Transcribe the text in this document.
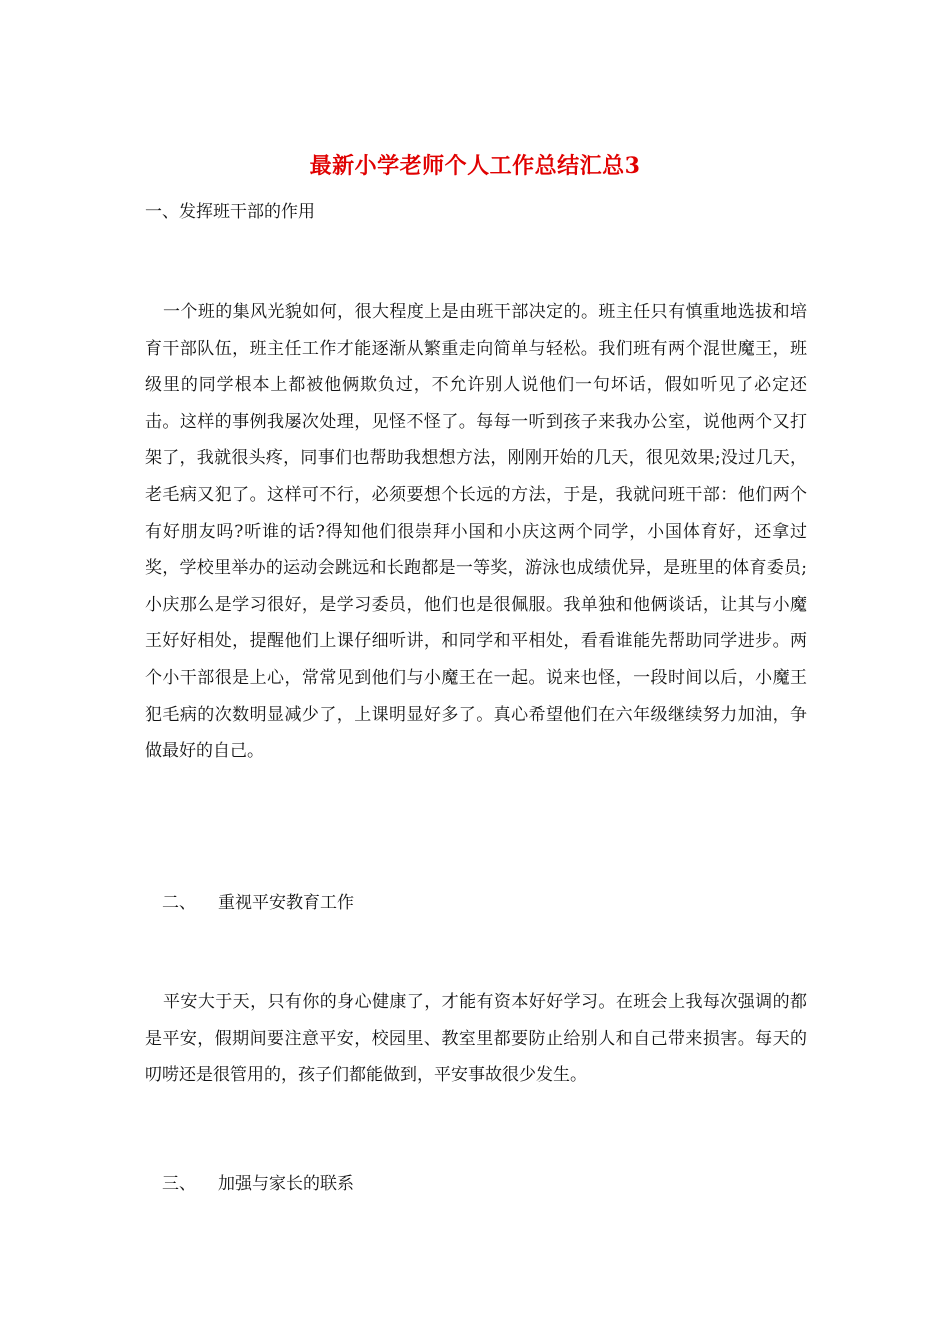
最新小学老师个人工作总结汇总3
一、发挥班干部的作用

一个班的集风光貌如何，很大程度上是由班干部决定的。班主任只有慎重地选拔和培育干部队伍，班主任工作才能逐渐从繁重走向简单与轻松。我们班有两个混世魔王，班级里的同学根本上都被他俩欺负过，不允许别人说他们一句坏话，假如听见了必定还击。这样的事例我屡次处理，见怪不怪了。每每一听到孩子来我办公室，说他两个又打架了，我就很头疼，同事们也帮助我想想方法，刚刚开始的几天，很见效果;没过几天，老毛病又犯了。这样可不行，必须要想个长远的方法，于是，我就问班干部：他们两个有好朋友吗?听谁的话?得知他们很崇拜小国和小庆这两个同学，小国体育好，还拿过奖，学校里举办的运动会跳远和长跑都是一等奖，游泳也成绩优异，是班里的体育委员;小庆那么是学习很好，是学习委员，他们也是很佩服。我单独和他俩谈话，让其与小魔王好好相处，提醒他们上课仔细听讲，和同学和平相处，看看谁能先帮助同学进步。两个小干部很是上心，常常见到他们与小魔王在一起。说来也怪，一段时间以后，小魔王犯毛病的次数明显减少了，上课明显好多了。真心希望他们在六年级继续努力加油，争做最好的自己。

二、 重视平安教育工作

平安大于天，只有你的身心健康了，才能有资本好好学习。在班会上我每次强调的都是平安，假期间要注意平安，校园里、教室里都要防止给别人和自己带来损害。每天的叨唠还是很管用的，孩子们都能做到，平安事故很少发生。

三、 加强与家长的联系
